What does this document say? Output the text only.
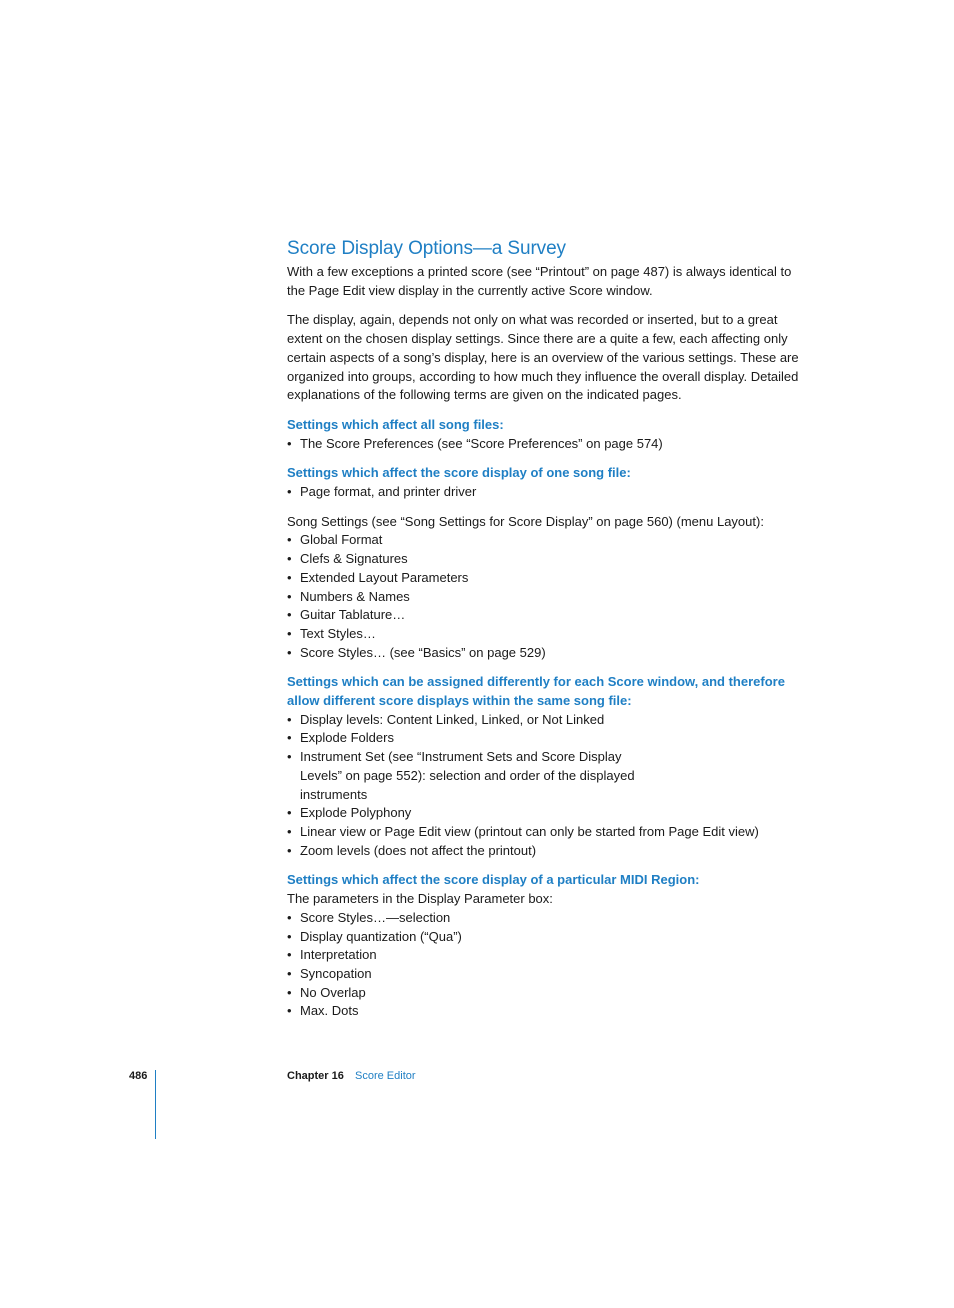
Score Display Options—a Survey

With a few exceptions a printed score (see “Printout” on page 487) is always identical to the Page Edit view display in the currently active Score window.

The display, again, depends not only on what was recorded or inserted, but to a great extent on the chosen display settings. Since there are a quite a few, each affecting only certain aspects of a song’s display, here is an overview of the various settings. These are organized into groups, according to how much they influence the overall display. Detailed explanations of the following terms are given on the indicated pages.

Settings which affect all song files:
• The Score Preferences (see “Score Preferences” on page 574)
Settings which affect the score display of one song file:
• Page format, and printer driver

Song Settings (see “Song Settings for Score Display” on page 560) (menu Layout):

• Global Format
• Clefs & Signatures
• Extended Layout Parameters
• Numbers & Names
• Guitar Tablature…
• Text Styles…
• Score Styles… (see “Basics” on page 529)
Settings which can be assigned differently for each Score window, and therefore allow different score displays within the same song file:
• Display levels: Content Linked, Linked, or Not Linked
• Explode Folders
• Instrument Set (see “Instrument Sets and Score Display Levels” on page 552): selection and order of the displayed instruments
• Explode Polyphony
• Linear view or Page Edit view (printout can only be started from Page Edit view)
• Zoom levels (does not affect the printout)
Settings which affect the score display of a particular MIDI Region:

The parameters in the Display Parameter box:

• Score Styles…—selection
• Display quantization (“Qua”)
• Interpretation
• Syncopation
• No Overlap
• Max. Dots
486	Chapter 16 Score Editor
